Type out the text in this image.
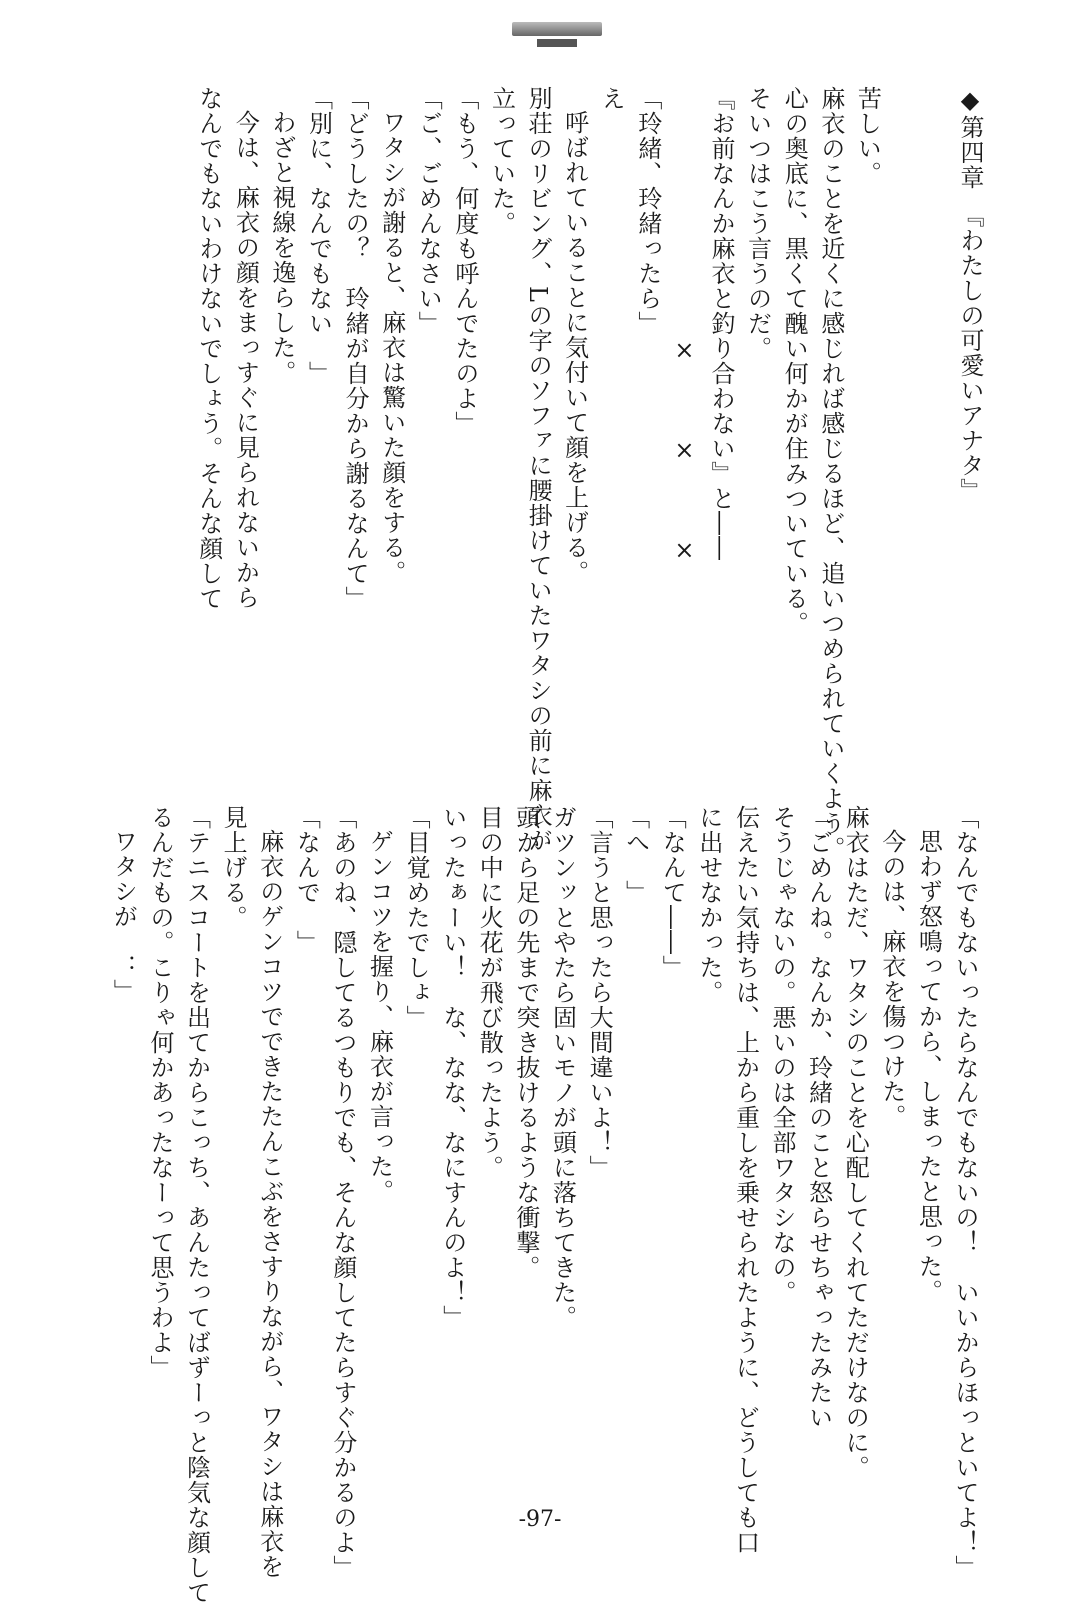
◆第四章　『わたしの可愛いアナタ』
苦しい。
麻衣のことを近くに感じれば感じるほど、追いつめられていくよう。
心の奥底に、黒くて醜い何かが住みついている。
そいつはこう言うのだ。
『お前なんか麻衣と釣り合わない』と――
×××
「玲緒、玲緒ったら」
え
呼ばれていることに気付いて顔を上げる。
別荘のリビング、Lの字のソファに腰掛けていたワタシの前に麻衣が
立っていた。
「もう、何度も呼んでたのよ」
「ご、ごめんなさい」
ワタシが謝ると、麻衣は驚いた顔をする。
「どうしたの？　玲緒が自分から謝るなんて」
「別に、なんでもない　」
わざと視線を逸らした。
今は、麻衣の顔をまっすぐに見られないから
なんでもないわけないでしょう。そんな顔して
「なんでもないったらなんでもないの！　いいからほっといてよ！」
思わず怒鳴ってから、しまったと思った。
今のは、麻衣を傷つけた。
麻衣はただ、ワタシのことを心配してくれてただけなのに。
「ごめんね。なんか、玲緒のこと怒らせちゃったみたい
そうじゃないの。悪いのは全部ワタシなの。
伝えたい気持ちは、上から重しを乗せられたように、どうしても口
に出せなかった。
「なんて――」
「へ　」
「言うと思ったら大間違いよ！」
ガツンッとやたら固いモノが頭に落ちてきた。
頭から足の先まで突き抜けるような衝撃。
目の中に火花が飛び散ったよう。
いったぁーい！　な、なな、なにすんのよ！」
「目覚めたでしょ」
ゲンコツを握り、麻衣が言った。
「あのね、隠してるつもりでも、そんな顔してたらすぐ分かるのよ」
「なんで　」
麻衣のゲンコツでできたたんこぶをさすりながら、ワタシは麻衣を
見上げる。
「テニスコートを出てからこっち、あんたってばずーっと陰気な顔して
るんだもの。こりゃ何かあったなーって思うわよ」
ワタシが　：」
-97-
